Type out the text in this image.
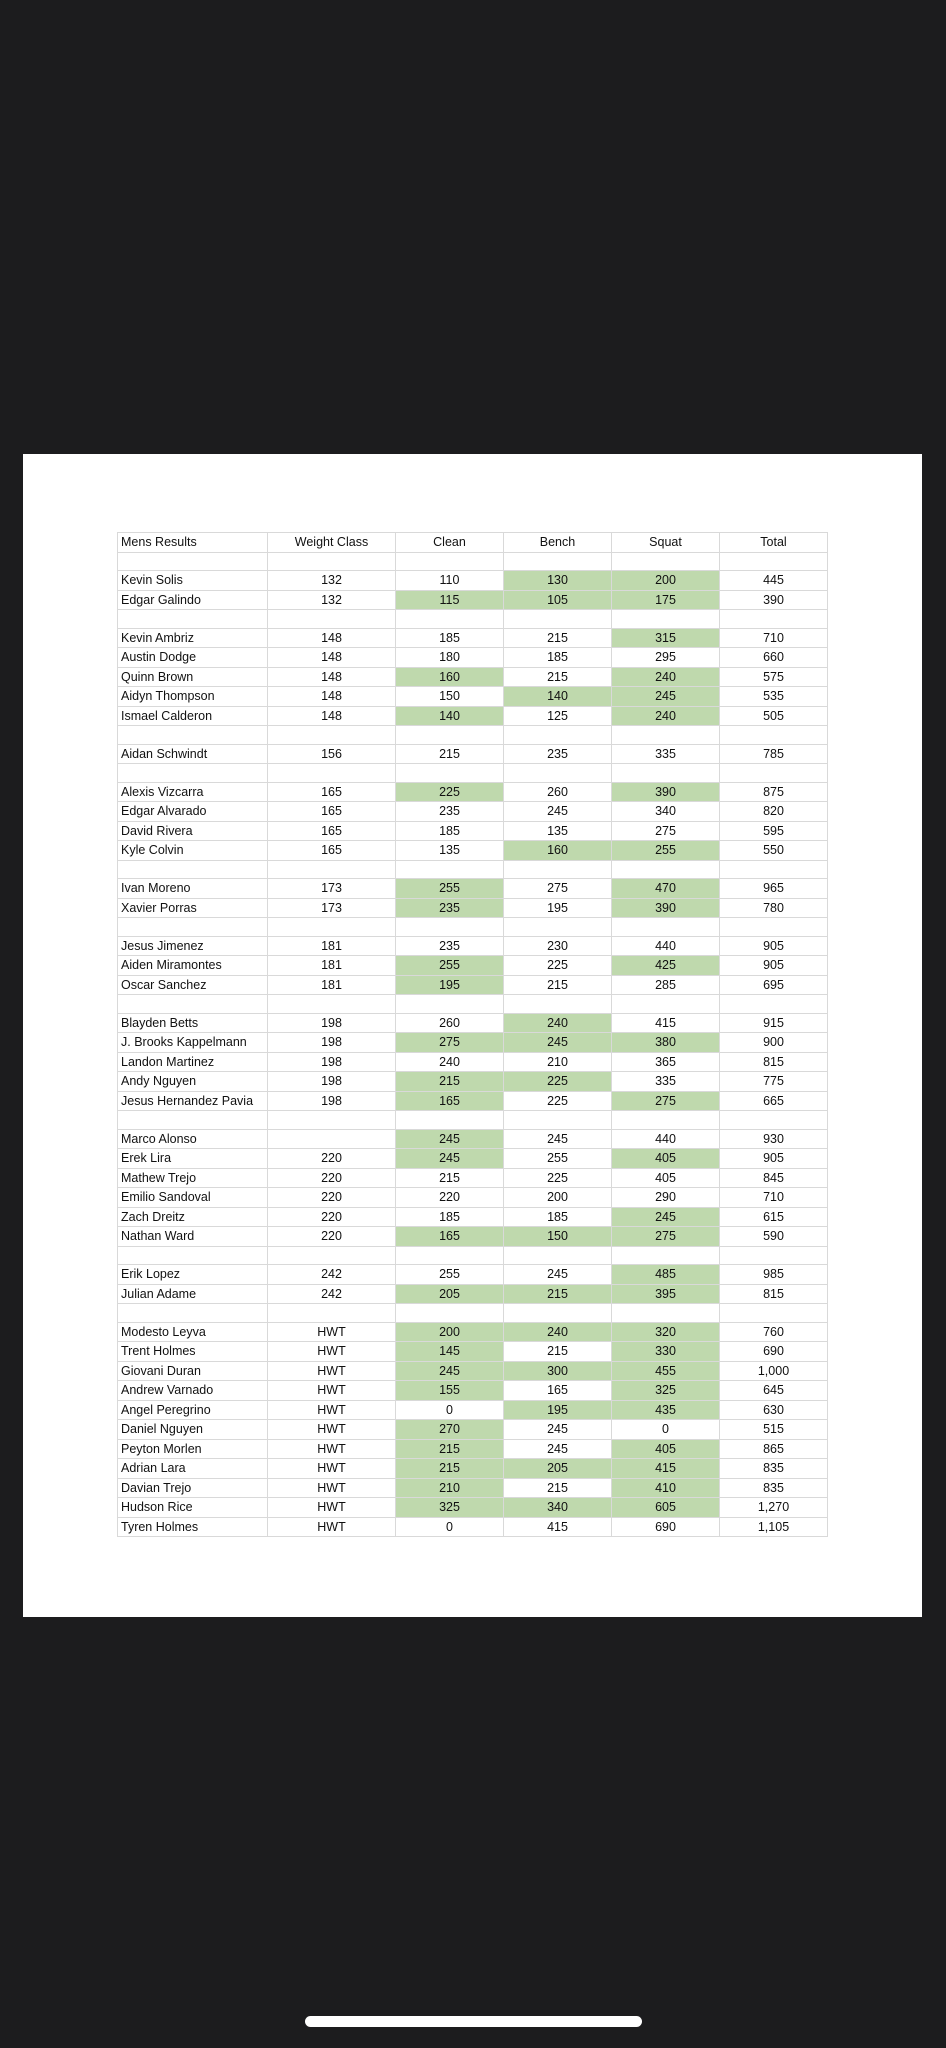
Mens Results	Weight Class	Clean	Bench	Squat	Total

Kevin Solis	132	110	130	200	445
Edgar Galindo	132	115	105	175	390

Kevin Ambriz	148	185	215	315	710
Austin Dodge	148	180	185	295	660
Quinn Brown	148	160	215	240	575
Aidyn Thompson	148	150	140	245	535
Ismael Calderon	148	140	125	240	505

Aidan Schwindt	156	215	235	335	785

Alexis Vizcarra	165	225	260	390	875
Edgar Alvarado	165	235	245	340	820
David Rivera	165	185	135	275	595
Kyle Colvin	165	135	160	255	550

Ivan Moreno	173	255	275	470	965
Xavier Porras	173	235	195	390	780

Jesus Jimenez	181	235	230	440	905
Aiden Miramontes	181	255	225	425	905
Oscar Sanchez	181	195	215	285	695

Blayden Betts	198	260	240	415	915
J. Brooks Kappelmann	198	275	245	380	900
Landon Martinez	198	240	210	365	815
Andy Nguyen	198	215	225	335	775
Jesus Hernandez Pavia	198	165	225	275	665

Marco Alonso		245	245	440	930
Erek Lira	220	245	255	405	905
Mathew Trejo	220	215	225	405	845
Emilio Sandoval	220	220	200	290	710
Zach Dreitz	220	185	185	245	615
Nathan Ward	220	165	150	275	590

Erik Lopez	242	255	245	485	985
Julian Adame	242	205	215	395	815

Modesto Leyva	HWT	200	240	320	760
Trent Holmes	HWT	145	215	330	690
Giovani Duran	HWT	245	300	455	1,000
Andrew Varnado	HWT	155	165	325	645
Angel Peregrino	HWT	0	195	435	630
Daniel Nguyen	HWT	270	245	0	515
Peyton Morlen	HWT	215	245	405	865
Adrian Lara	HWT	215	205	415	835
Davian Trejo	HWT	210	215	410	835
Hudson Rice	HWT	325	340	605	1,270
Tyren Holmes	HWT	0	415	690	1,105
